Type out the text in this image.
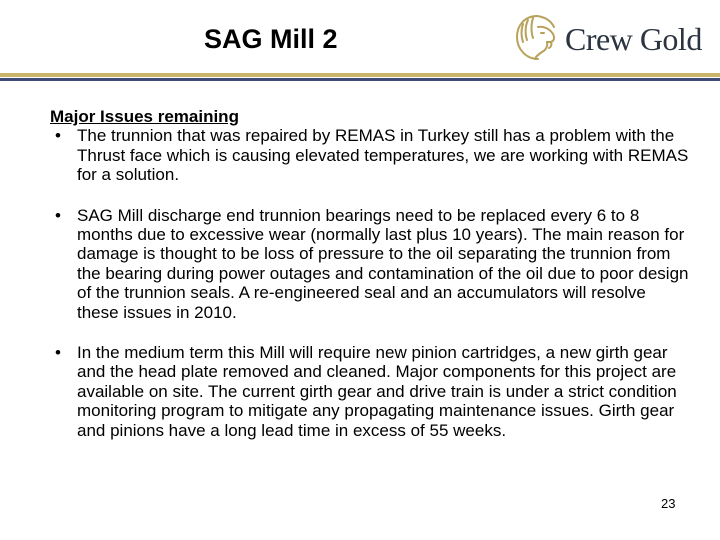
SAG Mill 2	Crew Gold

Major Issues remaining

• The trunnion that was repaired by REMAS in Turkey still has a problem with the Thrust face which is causing elevated temperatures, we are working with REMAS for a solution.
• SAG Mill discharge end trunnion bearings need to be replaced every 6 to 8 months due to excessive wear (normally last plus 10 years). The main reason for damage is thought to be loss of pressure to the oil separating the trunnion from the bearing during power outages and contamination of the oil due to poor design of the trunnion seals. A re-engineered seal and an accumulators will resolve these issues in 2010.
• In the medium term this Mill will require new pinion cartridges, a new girth gear and the head plate removed and cleaned. Major components for this project are available on site. The current girth gear and drive train is under a strict condition monitoring program to mitigate any propagating maintenance issues. Girth gear and pinions have a long lead time in excess of 55 weeks.
23
